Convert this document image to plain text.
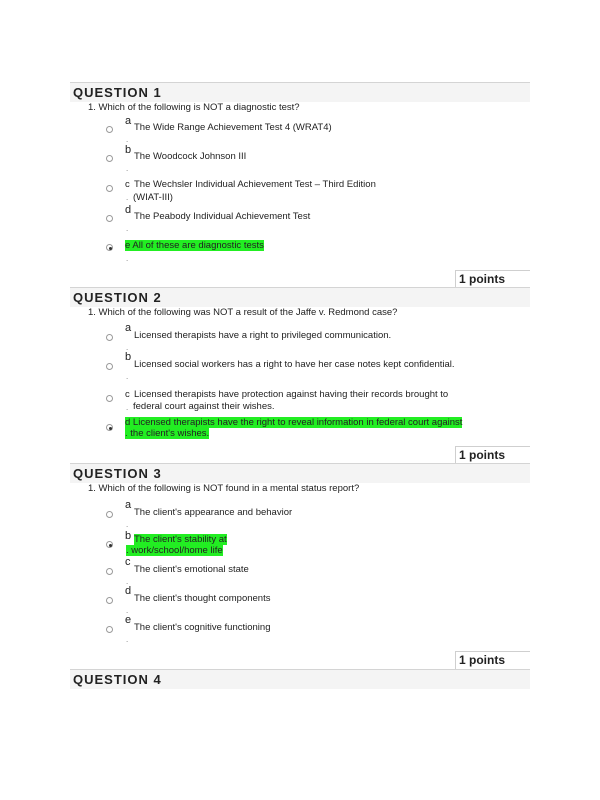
QUESTION 1
1. Which of the following is NOT a diagnostic test?
a
The Wide Range Achievement Test 4 (WRAT4)
.
b
The Woodcock Johnson III
.
c The Wechsler Individual Achievement Test – Third Edition
. (WIAT-III)
d
The Peabody Individual Achievement Test
.
e All of these are diagnostic tests
.
1 points
QUESTION 2
1. Which of the following was NOT a result of the Jaffe v. Redmond case?
a
Licensed therapists have a right to privileged communication.
.
b
Licensed social workers has a right to have her case notes kept confidential.
.
c Licensed therapists have protection against having their records brought to
. federal court against their wishes.
d Licensed therapists have the right to reveal information in federal court against
. the client's wishes.
1 points
QUESTION 3
1. Which of the following is NOT found in a mental status report?
a
The client's appearance and behavior
.
b The client's stability at
. work/school/home life
c
The client's emotional state
.
d
The client's thought components
.
e
The client's cognitive functioning
.
1 points
QUESTION 4
